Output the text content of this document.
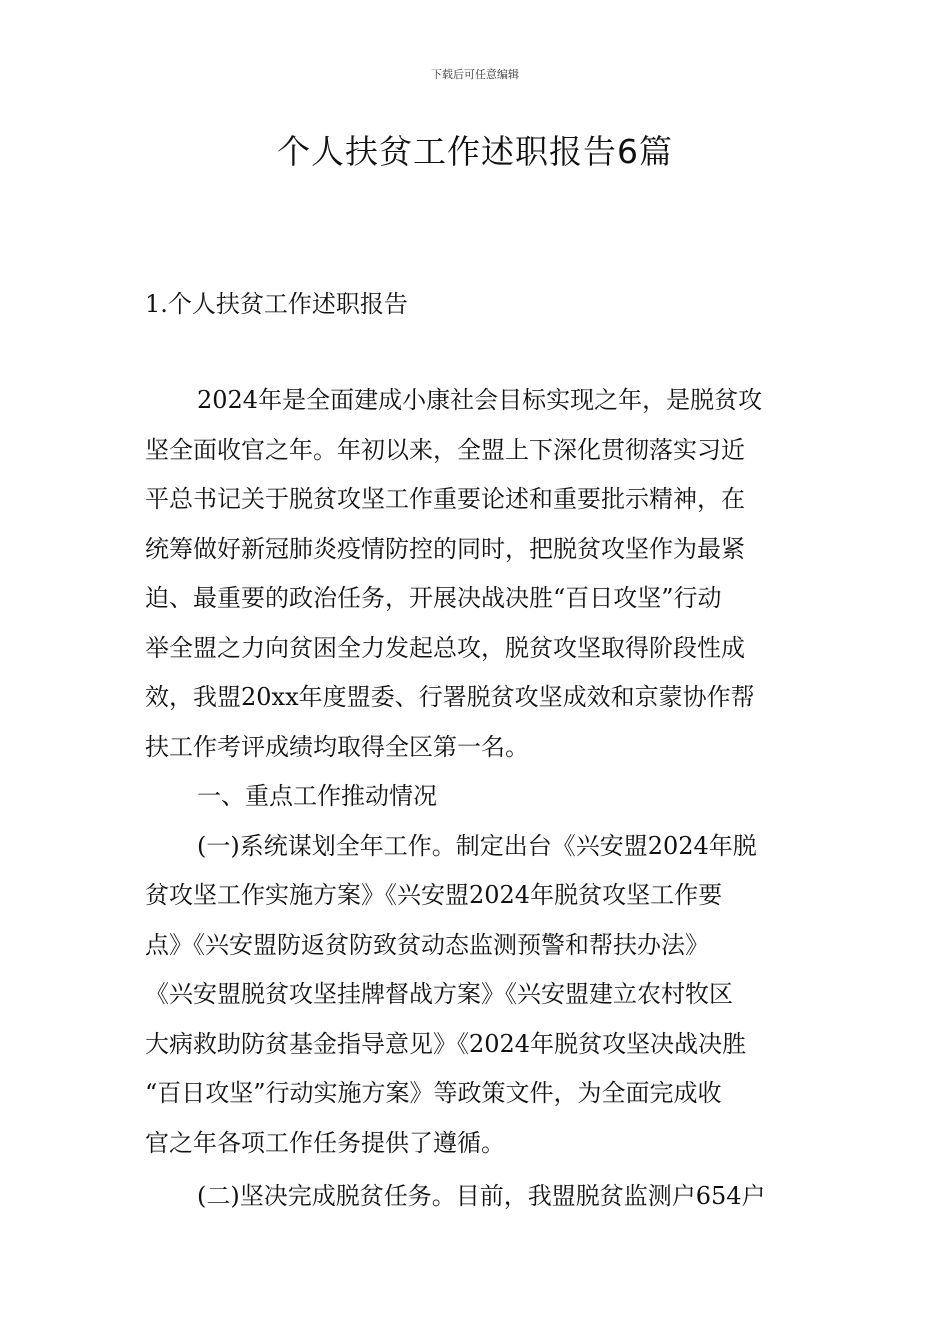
下载后可任意编辑
个人扶贫工作述职报告6篇
1.个人扶贫工作述职报告
2024年是全面建成小康社会目标实现之年，是脱贫攻
坚全面收官之年。年初以来，全盟上下深化贯彻落实习近
平总书记关于脱贫攻坚工作重要论述和重要批示精神，在
统筹做好新冠肺炎疫情防控的同时，把脱贫攻坚作为最紧
迫、最重要的政治任务，开展决战决胜“百日攻坚”行动
举全盟之力向贫困全力发起总攻，脱贫攻坚取得阶段性成
效，我盟20xx年度盟委、行署脱贫攻坚成效和京蒙协作帮
扶工作考评成绩均取得全区第一名。
一、重点工作推动情况
(一)系统谋划全年工作。制定出台《兴安盟2024年脱
贫攻坚工作实施方案》《兴安盟2024年脱贫攻坚工作要
点》《兴安盟防返贫防致贫动态监测预警和帮扶办法》
《兴安盟脱贫攻坚挂牌督战方案》《兴安盟建立农村牧区
大病救助防贫基金指导意见》《2024年脱贫攻坚决战决胜
“百日攻坚”行动实施方案》等政策文件，为全面完成收
官之年各项工作任务提供了遵循。
(二)坚决完成脱贫任务。目前，我盟脱贫监测户654户
